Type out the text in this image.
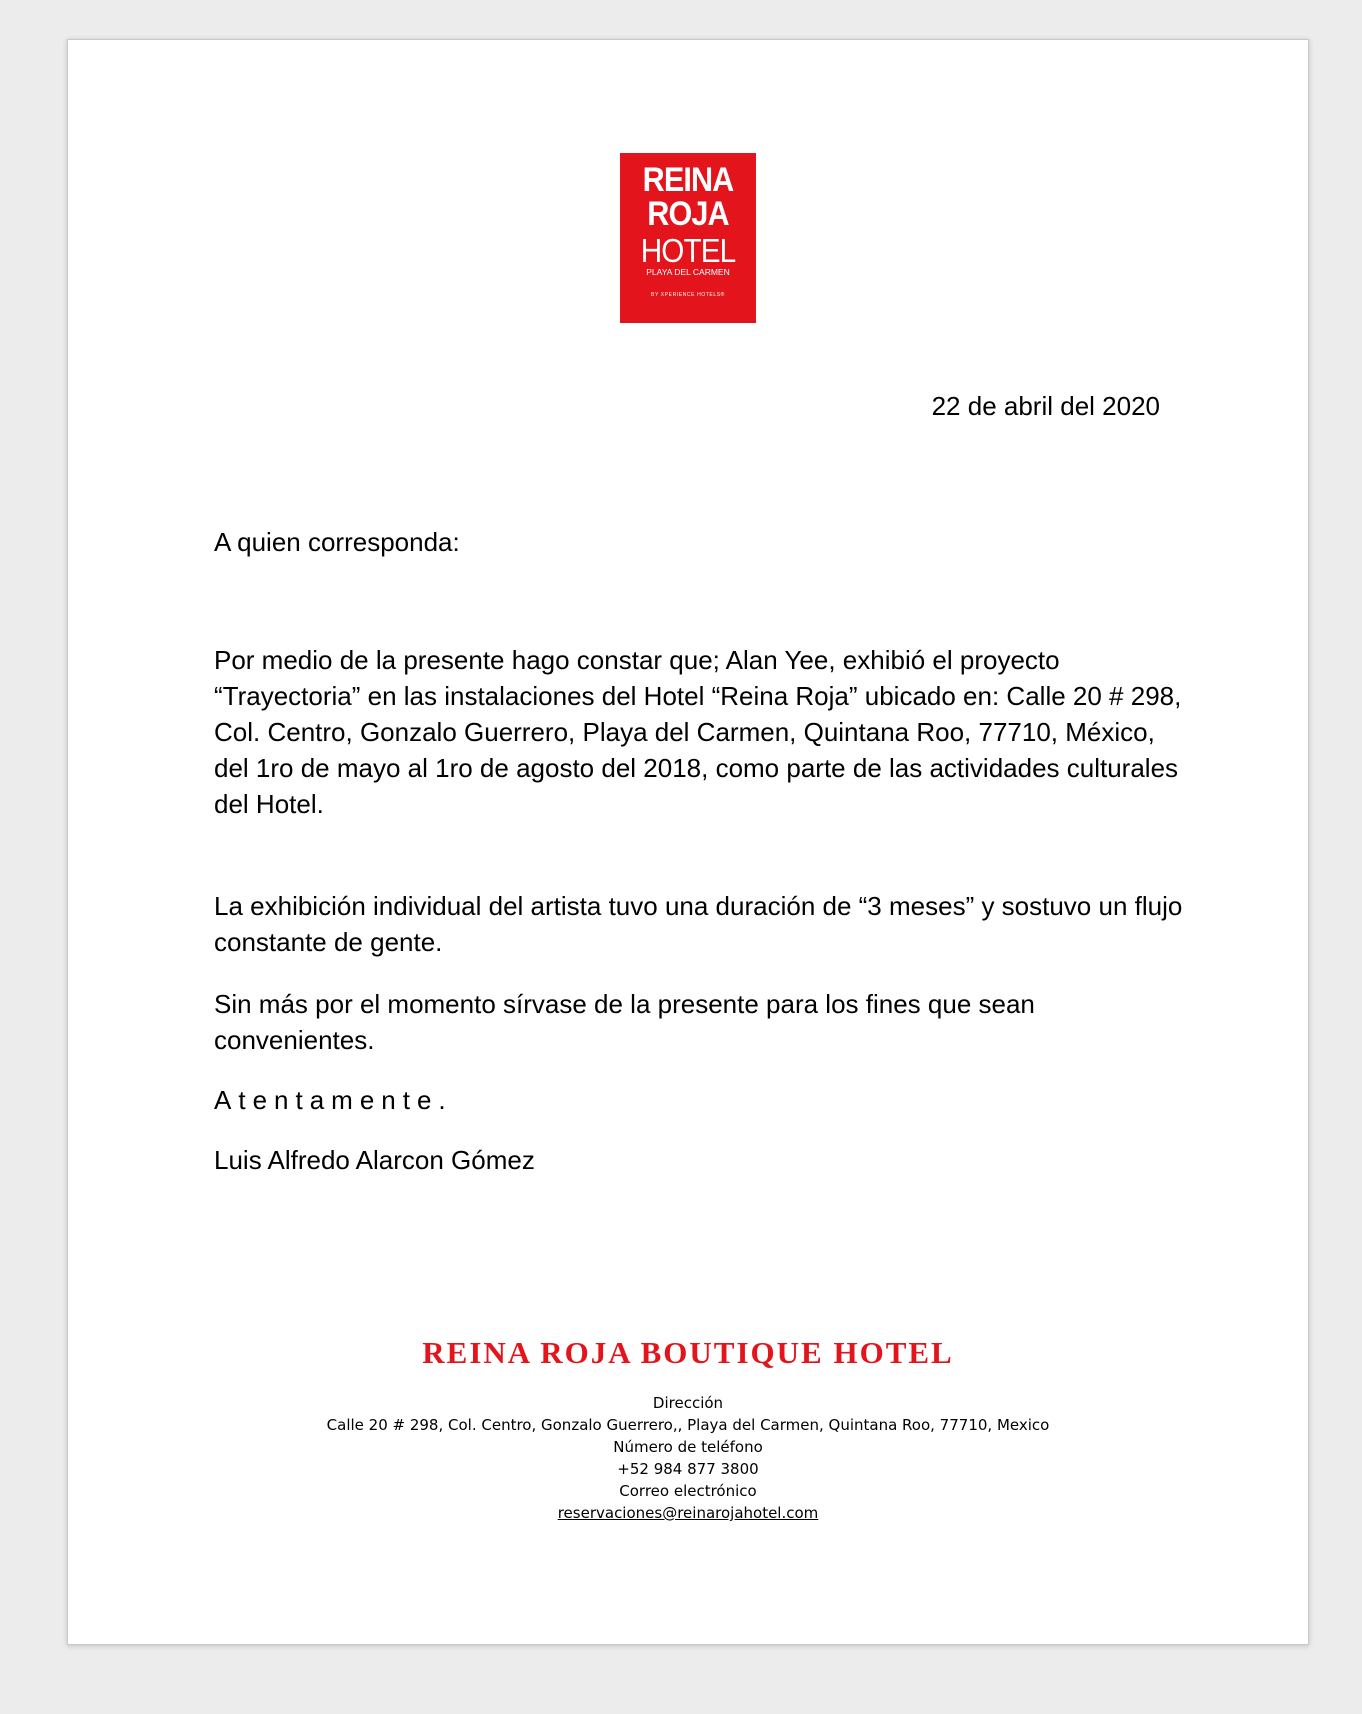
REINA
ROJA
HOTEL
PLAYA DEL CARMEN
BY XPERIENCE HOTELS®
22 de abril del 2020
A quien corresponda:
Por medio de la presente hago constar que; Alan Yee, exhibió el proyecto “Trayectoria” en las instalaciones del Hotel “Reina Roja” ubicado en: Calle 20 # 298, Col. Centro, Gonzalo Guerrero, Playa del Carmen, Quintana Roo, 77710, México, del 1ro de mayo al 1ro de agosto del 2018, como parte de las actividades culturales del Hotel.
La exhibición individual del artista tuvo una duración de “3 meses” y sostuvo un flujo constante de gente.
Sin más por el momento sírvase de la presente para los fines que sean convenientes.
Atentamente.
Luis Alfredo Alarcon Gómez
REINA ROJA BOUTIQUE HOTEL
Dirección
Calle 20 # 298, Col. Centro, Gonzalo Guerrero,, Playa del Carmen, Quintana Roo, 77710, Mexico
Número de teléfono
+52 984 877 3800
Correo electrónico
reservaciones@reinarojahotel.com
